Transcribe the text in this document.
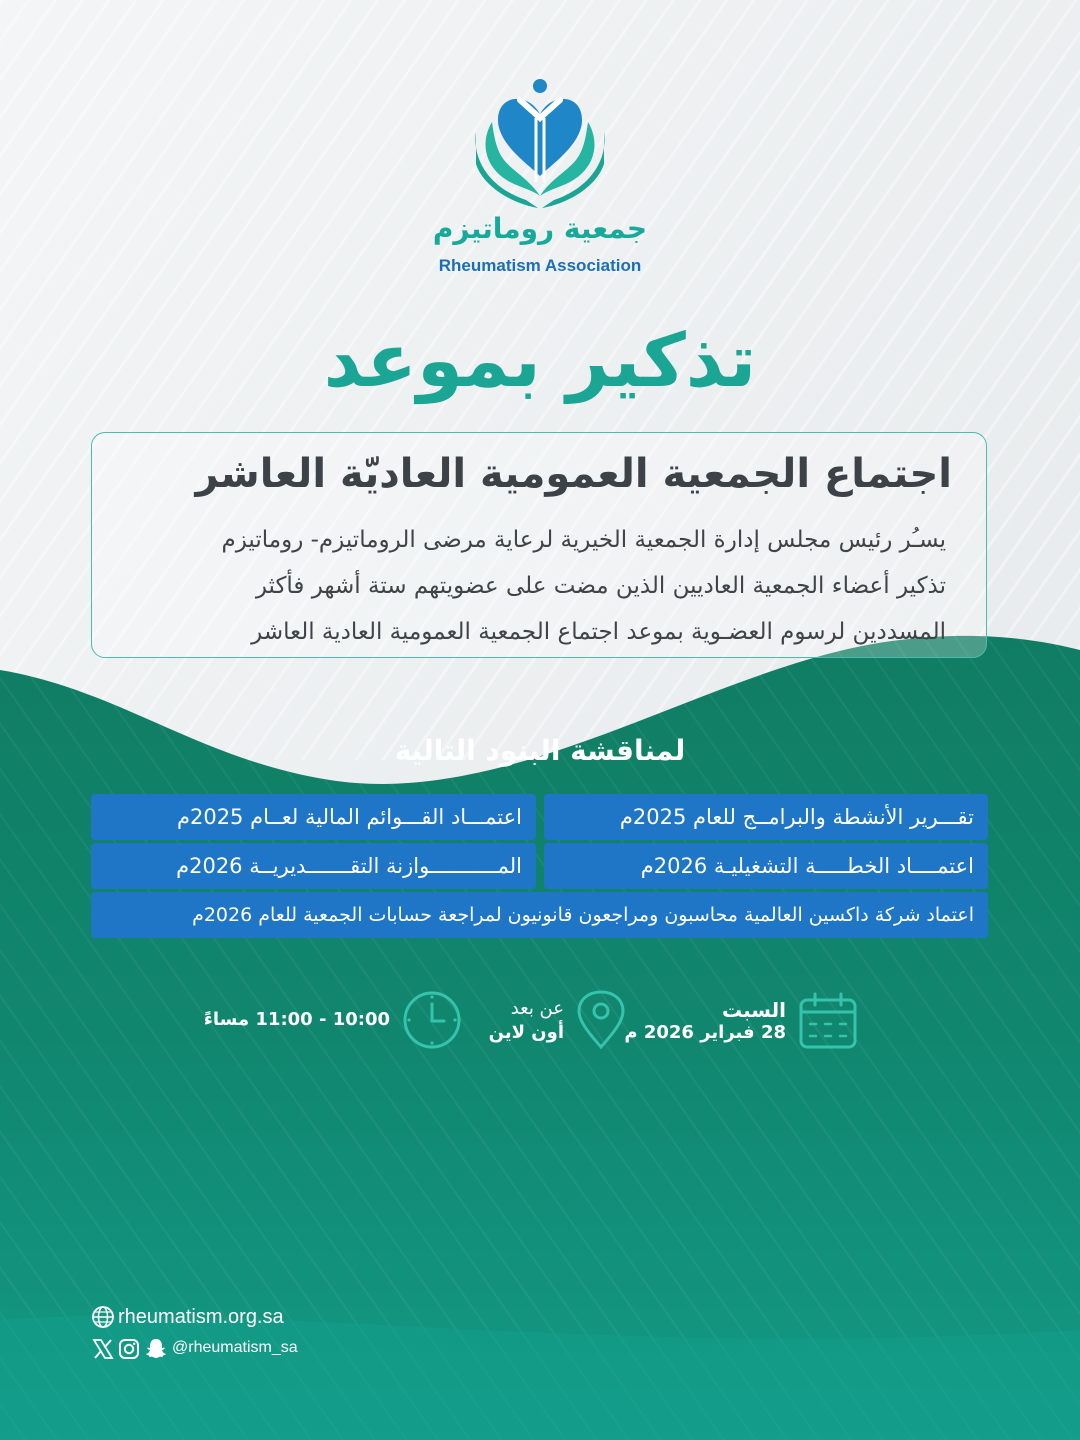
جمعية روماتيزم
Rheumatism Association
تذكير بموعد
اجتماع الجمعية العمومية العاديّة العاشر
يسـُر رئيس مجلس إدارة الجمعية الخيرية لرعاية مرضى الروماتيزم- روماتيزم
تذكير أعضاء الجمعية العاديين الذين مضت على عضويتهم ستة أشهر فأكثر
المسددين لرسوم العضـوية بموعد اجتماع الجمعية العمومية العادية العاشر
لمناقشة البنود التالية
تقـــرير الأنشطة والبرامــج للعام 2025م
اعتمـــاد القـــوائم المالية لعــام 2025م
اعتمــــاد الخطـــــة التشغيليـة 2026م
المـــــــــــوازنة التقـــــــديريــة 2026م
اعتماد شركة داكسين العالمية محاسبون ومراجعون قانونيون لمراجعة حسابات الجمعية للعام 2026م
السبت
28 فبراير 2026 م
عن بعد
أون لاين
10:00 - 11:00 مساءً
rheumatism.org.sa
@rheumatism_sa
